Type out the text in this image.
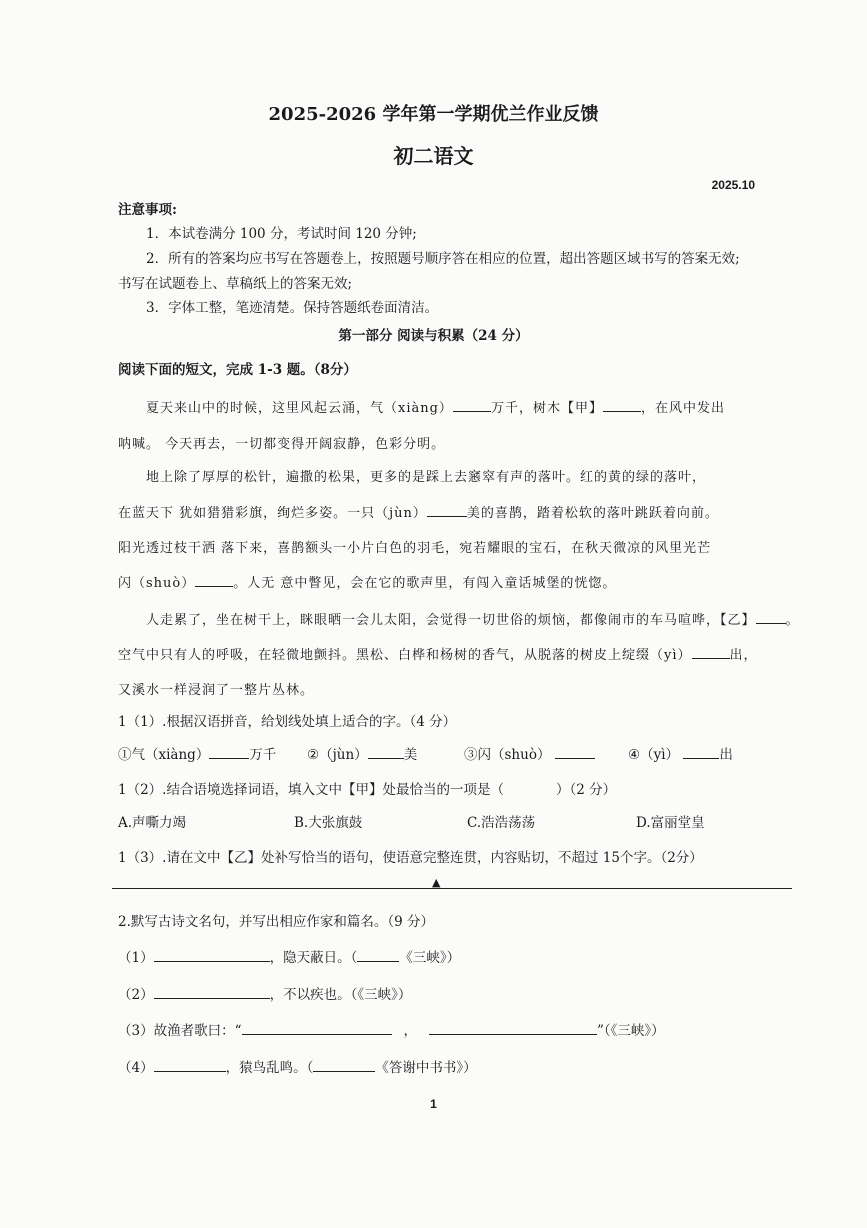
2025-2026 学年第一学期优兰作业反馈
初二语文
2025.10
注意事项:
1．本试卷满分 100 分，考试时间 120 分钟;
2．所有的答案均应书写在答题卷上，按照题号顺序答在相应的位置，超出答题区域书写的答案无效;
书写在试题卷上、草稿纸上的答案无效;
3．字体工整，笔迹清楚。保持答题纸卷面清洁。
第一部分 阅读与积累（24 分）
阅读下面的短文，完成 1-3 题。（8分）
夏天来山中的时候，这里风起云涌，气（xiàng）	万千，树木【甲】	，在风中发出
呐喊。 今天再去，一切都变得开阔寂静，色彩分明。
地上除了厚厚的松针，遍撒的松果，更多的是踩上去窸窣有声的落叶。红的黄的绿的落叶，
在蓝天下 犹如猎猎彩旗，绚烂多姿。一只（jùn）	美的喜鹊，踏着松软的落叶跳跃着向前。
阳光透过枝干洒 落下来，喜鹊额头一小片白色的羽毛，宛若耀眼的宝石，在秋天微凉的风里光芒
闪（shuò）	。人无 意中瞥见，会在它的歌声里，有闯入童话城堡的恍惚。
人走累了，坐在树干上，眯眼晒一会儿太阳，会觉得一切世俗的烦恼，都像闹市的车马喧哗，【乙】 。
空气中只有人的呼吸，在轻微地颤抖。黑松、白桦和杨树的香气，从脱落的树皮上绽缀（yì）	出，
又溪水一样浸润了一整片丛林。
1（1）.根据汉语拼音，给划线处填上适合的字。（4 分）
①气（xiàng）	万千 ②（jùn）	美	③闪（shuò）	④（yì）	出
1（2）.结合语境选择词语，填入文中【甲】处最恰当的一项是（	）（2 分）
A.声嘶力竭	B.大张旗鼓	C.浩浩荡荡	D.富丽堂皇
1（3）.请在文中【乙】处补写恰当的语句，使语意完整连贯，内容贴切，不超过 15个字。（2分）
▲
2.默写古诗文名句，并写出相应作家和篇名。（9 分）
（1）	，隐天蔽日。（	《三峡》）
（2）	，不以疾也。（《三峡》）
（3）故渔者歌曰：“	，	”（《三峡》）
（4）	，猿鸟乱鸣。（	《答谢中书书》）
1
